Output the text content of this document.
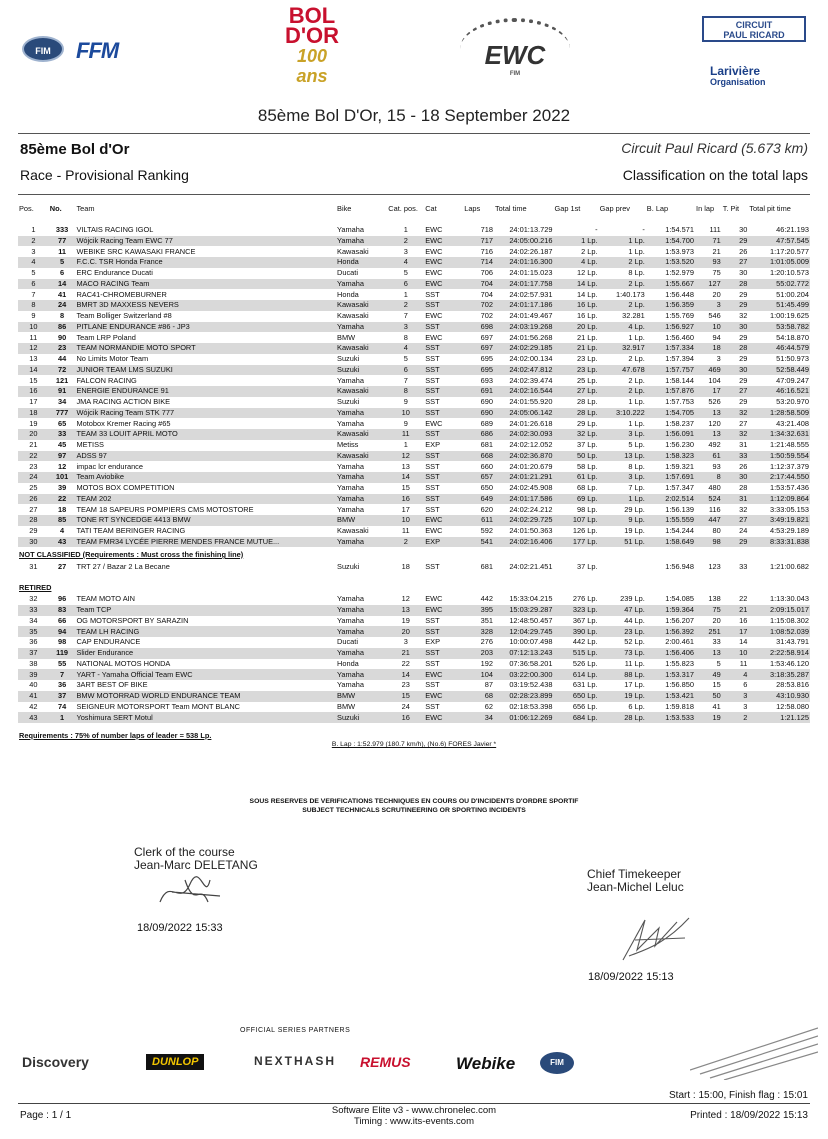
FIM	FFM
BOL
D'OR
100 ans
EWC
FIM
CIRCUIT
PAUL RICARD
Larivière
Organisation
85ème Bol D'Or, 15 - 18 September 2022
85ème Bol d'Or	Circuit Paul Ricard (5.673 km)
Race - Provisional Ranking	Classification on the total laps
Pos.	No.	Team	Bike	Cat. pos.	Cat	Laps	Total time	Gap 1st	Gap prev	B. Lap	In lap	T. Pit	Total pit time

1	333	VILTAIS RACING IGOL	Yamaha	1	EWC	718	24:01:13.729	-	-	1:54.571	111	30	46:21.193
2	77	Wójcik Racing Team EWC 77	Yamaha	2	EWC	717	24:05:00.216	1 Lp.	1 Lp.	1:54.700	71	29	47:57.545
3	11	WEBIKE SRC KAWASAKI FRANCE	Kawasaki	3	EWC	716	24:02:26.187	2 Lp.	1 Lp.	1:53.973	21	26	1:17:20.577
4	5	F.C.C. TSR Honda France	Honda	4	EWC	714	24:01:16.300	4 Lp.	2 Lp.	1:53.520	93	27	1:01:05.009
5	6	ERC Endurance Ducati	Ducati	5	EWC	706	24:01:15.023	12 Lp.	8 Lp.	1:52.979	75	30	1:20:10.573
6	14	MACO RACING Team	Yamaha	6	EWC	704	24:01:17.758	14 Lp.	2 Lp.	1:55.667	127	28	55:02.772
7	41	RAC41-CHROMEBURNER	Honda	1	SST	704	24:02:57.931	14 Lp.	1:40.173	1:56.448	20	29	51:00.204
8	24	BMRT 3D MAXXESS NEVERS	Kawasaki	2	SST	702	24:01:17.186	16 Lp.	2 Lp.	1:56.359	3	29	51:45.499
9	8	Team Bolliger Switzerland #8	Kawasaki	7	EWC	702	24:01:49.467	16 Lp.	32.281	1:55.769	546	32	1:00:19.625
10	86	PITLANE ENDURANCE #86 - JP3	Yamaha	3	SST	698	24:03:19.268	20 Lp.	4 Lp.	1:56.927	10	30	53:58.782
11	90	Team LRP Poland	BMW	8	EWC	697	24:01:56.268	21 Lp.	1 Lp.	1:56.460	94	29	54:18.870
12	23	TEAM NORMANDIE MOTO SPORT	Kawasaki	4	SST	697	24:02:29.185	21 Lp.	32.917	1:57.334	18	28	46:44.579
13	44	No Limits Motor Team	Suzuki	5	SST	695	24:02:00.134	23 Lp.	2 Lp.	1:57.394	3	29	51:50.973
14	72	JUNIOR TEAM LMS SUZUKI	Suzuki	6	SST	695	24:02:47.812	23 Lp.	47.678	1:57.757	469	30	52:58.449
15	121	FALCON RACING	Yamaha	7	SST	693	24:02:39.474	25 Lp.	2 Lp.	1:58.144	104	29	47:09.247
16	91	ENERGIE ENDURANCE 91	Kawasaki	8	SST	691	24:02:16.544	27 Lp.	2 Lp.	1:57.876	17	27	46:16.521
17	34	JMA RACING ACTION BIKE	Suzuki	9	SST	690	24:01:55.920	28 Lp.	1 Lp.	1:57.753	526	29	53:20.970
18	777	Wójcik Racing Team STK 777	Yamaha	10	SST	690	24:05:06.142	28 Lp.	3:10.222	1:54.705	13	32	1:28:58.509
19	65	Motobox Kremer Racing #65	Yamaha	9	EWC	689	24:01:26.618	29 Lp.	1 Lp.	1:58.237	120	27	43:21.408
20	33	TEAM 33 LOUIT APRIL MOTO	Kawasaki	11	SST	686	24:02:30.093	32 Lp.	3 Lp.	1:56.091	13	32	1:34:32.631
21	45	METISS	Metiss	1	EXP	681	24:02:12.052	37 Lp.	5 Lp.	1:56.230	492	31	1:21:48.555
22	97	ADSS 97	Kawasaki	12	SST	668	24:02:36.870	50 Lp.	13 Lp.	1:58.323	61	33	1:50:59.554
23	12	impac lcr endurance	Yamaha	13	SST	660	24:01:20.679	58 Lp.	8 Lp.	1:59.321	93	26	1:12:37.379
24	101	Team Aviobike	Yamaha	14	SST	657	24:01:21.291	61 Lp.	3 Lp.	1:57.691	8	30	2:17:44.550
25	39	MOTOS BOX COMPETITION	Yamaha	15	SST	650	24:02:45.908	68 Lp.	7 Lp.	1:57.347	480	28	1:53:57.436
26	22	TEAM 202	Yamaha	16	SST	649	24:01:17.586	69 Lp.	1 Lp.	2:02.514	524	31	1:12:09.864
27	18	TEAM 18 SAPEURS POMPIERS CMS MOTOSTORE	Yamaha	17	SST	620	24:02:24.212	98 Lp.	29 Lp.	1:56.139	116	32	3:33:05.153
28	85	TONE RT SYNCEDGE 4413 BMW	BMW	10	EWC	611	24:02:29.725	107 Lp.	9 Lp.	1:55.559	447	27	3:49:19.821
29	4	TATI TEAM BERINGER RACING	Kawasaki	11	EWC	592	24:01:50.363	126 Lp.	19 Lp.	1:54.244	80	24	4:53:29.189
30	43	TEAM FMR34 LYCÉE PIERRE MENDES FRANCE MUTUE...	Yamaha	2	EXP	541	24:02:16.406	177 Lp.	51 Lp.	1:58.649	98	29	8:33:31.838
NOT CLASSIFIED (Requirements : Must cross the finishing line)
31	27	TRT 27 / Bazar 2 La Becane	Suzuki	18	SST	681	24:02:21.451	37 Lp.		1:56.948	123	33	1:21:00.682
RETIRED
32	96	TEAM MOTO AIN	Yamaha	12	EWC	442	15:33:04.215	276 Lp.	239 Lp.	1:54.085	138	22	1:13:30.043
33	83	Team TCP	Yamaha	13	EWC	395	15:03:29.287	323 Lp.	47 Lp.	1:59.364	75	21	2:09:15.017
34	66	OG MOTORSPORT BY SARAZIN	Yamaha	19	SST	351	12:48:50.457	367 Lp.	44 Lp.	1:56.207	20	16	1:15:08.302
35	94	TEAM LH RACING	Yamaha	20	SST	328	12:04:29.745	390 Lp.	23 Lp.	1:56.392	251	17	1:08:52.039
36	98	CAP ENDURANCE	Ducati	3	EXP	276	10:00:07.498	442 Lp.	52 Lp.	2:00.461	33	14	31:43.791
37	119	Slider Endurance	Yamaha	21	SST	203	07:12:13.243	515 Lp.	73 Lp.	1:56.406	13	10	2:22:58.914
38	55	NATIONAL MOTOS HONDA	Honda	22	SST	192	07:36:58.201	526 Lp.	11 Lp.	1:55.823	5	11	1:53:46.120
39	7	YART - Yamaha Official Team EWC	Yamaha	14	EWC	104	03:22:00.300	614 Lp.	88 Lp.	1:53.317	49	4	3:18:35.287
40	36	3ART BEST OF BIKE	Yamaha	23	SST	87	03:19:52.438	631 Lp.	17 Lp.	1:56.850	15	6	28:53.816
41	37	BMW MOTORRAD WORLD ENDURANCE TEAM	BMW	15	EWC	68	02:28:23.899	650 Lp.	19 Lp.	1:53.421	50	3	43:10.930
42	74	SEIGNEUR MOTORSPORT Team MONT BLANC	BMW	24	SST	62	02:18:53.398	656 Lp.	6 Lp.	1:59.818	41	3	12:58.080
43	1	Yoshimura SERT Motul	Suzuki	16	EWC	34	01:06:12.269	684 Lp.	28 Lp.	1:53.533	19	2	1:21.125
Requirements : 75% of number laps of leader = 538 Lp.
B. Lap : 1:52.979 (180.7 km/h), (No.6) FORES Javier *
SOUS RESERVES DE VERIFICATIONS TECHNIQUES EN COURS OU D'INCIDENTS D'ORDRE SPORTIF
SUBJECT TECHNICALS SCRUTINEERING OR SPORTING INCIDENTS
Clerk of the course
Jean-Marc DELETANG
18/09/2022 15:33
Chief Timekeeper
Jean-Michel Leluc
18/09/2022 15:13
OFFICIAL SERIES PARTNERS
Discovery	DUNLOP	NEXTHASH REMUS	Webike	FIM
Start : 15:00, Finish flag : 15:01
Page : 1 / 1	Software Elite v3 - www.chronelec.com
Timing : www.its-events.com
Printed : 18/09/2022 15:13
